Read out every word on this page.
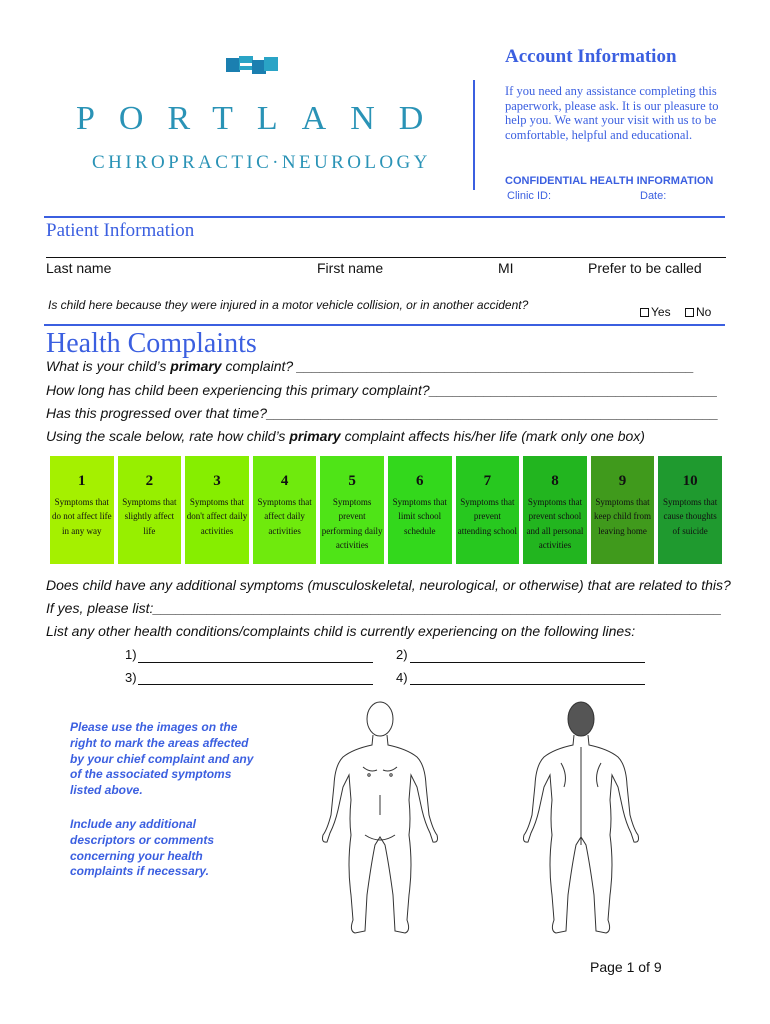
PORTLAND
CHIROPRACTIC·NEUROLOGY
Account Information
If you need any assistance completing this paperwork, please ask. It is our pleasure to help you. We want your visit with us to be comfortable, helpful and educational.
CONFIDENTIAL HEALTH INFORMATION
Clinic ID:	Date:
Patient Information
Last name	First name	MI	Prefer to be called
Is child here because they were injured in a motor vehicle collision, or in another accident?	Yes No
Health Complaints
What is your child’s primary complaint? ___________________________________________________
How long has child been experiencing this primary complaint?_____________________________________
Has this progressed over that time?__________________________________________________________
Using the scale below, rate how child’s primary complaint affects his/her life (mark only one box)
1
Symptoms that do not affect life in any way
2
Symptoms that slightly affect life
3
Symptoms that don't affect daily activities
4
Symptoms that affect daily activities
5
Symptoms prevent performing daily activities
6
Symptoms that limit school schedule
7
Symptoms that prevent attending school
8
Symptoms that prevent school and all personal activities
9
Symptoms that keep child from leaving home
10
Symptoms that cause thoughts of suicide
Does child have any additional symptoms (musculoskeletal, neurological, or otherwise) that are related to this?
If yes, please list:_________________________________________________________________________
List any other health conditions/complaints child is currently experiencing on the following lines:
1)	2)
3)	4)
Please use the images on the right to mark the areas affected by your chief complaint and any of the associated symptoms listed above.
Include any additional descriptors or comments concerning your health complaints if necessary.
Page 1 of 9
